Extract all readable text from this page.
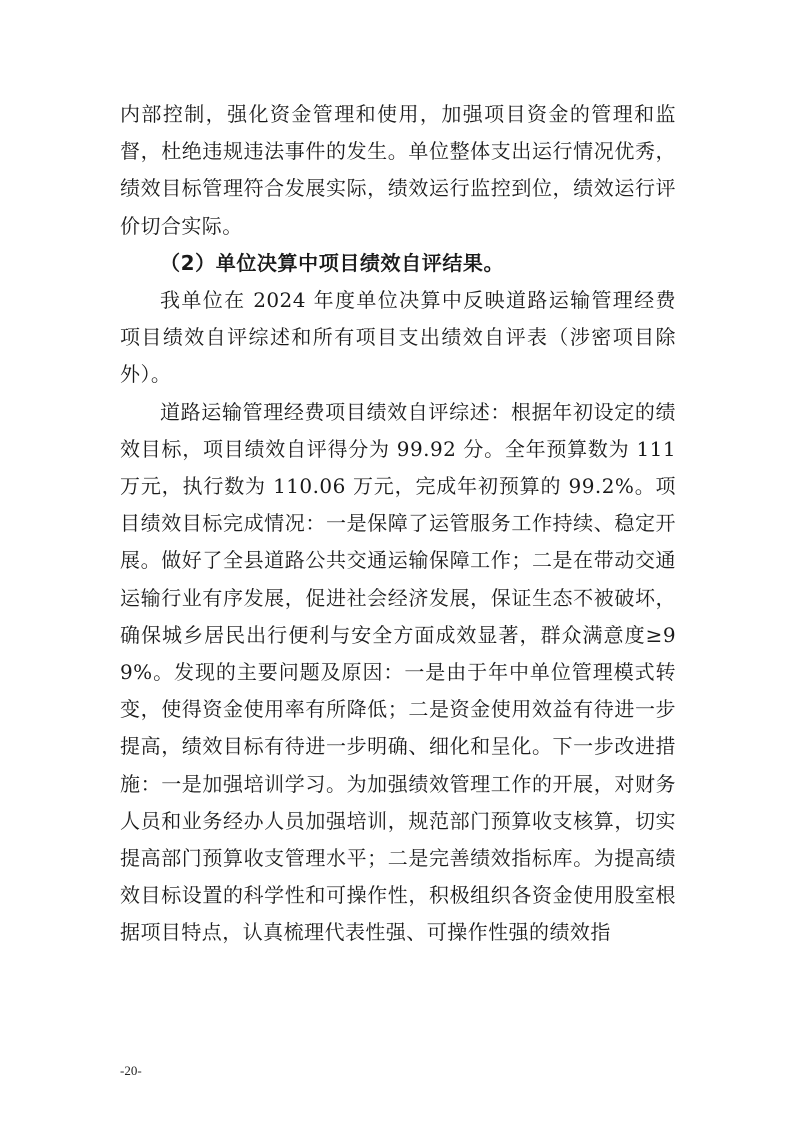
内部控制，强化资金管理和使用，加强项目资金的管理和监督，杜绝违规违法事件的发生。单位整体支出运行情况优秀，绩效目标管理符合发展实际，绩效运行监控到位，绩效运行评价切合实际。

（2）单位决算中项目绩效自评结果。

我单位在 2024 年度单位决算中反映道路运输管理经费项目绩效自评综述和所有项目支出绩效自评表（涉密项目除外）。

道路运输管理经费项目绩效自评综述：根据年初设定的绩效目标，项目绩效自评得分为 99.92 分。全年预算数为 111 万元，执行数为 110.06 万元，完成年初预算的 99.2%。项目绩效目标完成情况：一是保障了运管服务工作持续、稳定开展。做好了全县道路公共交通运输保障工作；二是在带动交通运输行业有序发展，促进社会经济发展，保证生态不被破坏，确保城乡居民出行便利与安全方面成效显著，群众满意度≥99%。发现的主要问题及原因：一是由于年中单位管理模式转变，使得资金使用率有所降低；二是资金使用效益有待进一步提高，绩效目标有待进一步明确、细化和呈化。下一步改进措施：一是加强培训学习。为加强绩效管理工作的开展，对财务人员和业务经办人员加强培训，规范部门预算收支核算，切实提高部门预算收支管理水平；二是完善绩效指标库。为提高绩效目标设置的科学性和可操作性，积极组织各资金使用股室根据项目特点，认真梳理代表性强、可操作性强的绩效指

-20-
